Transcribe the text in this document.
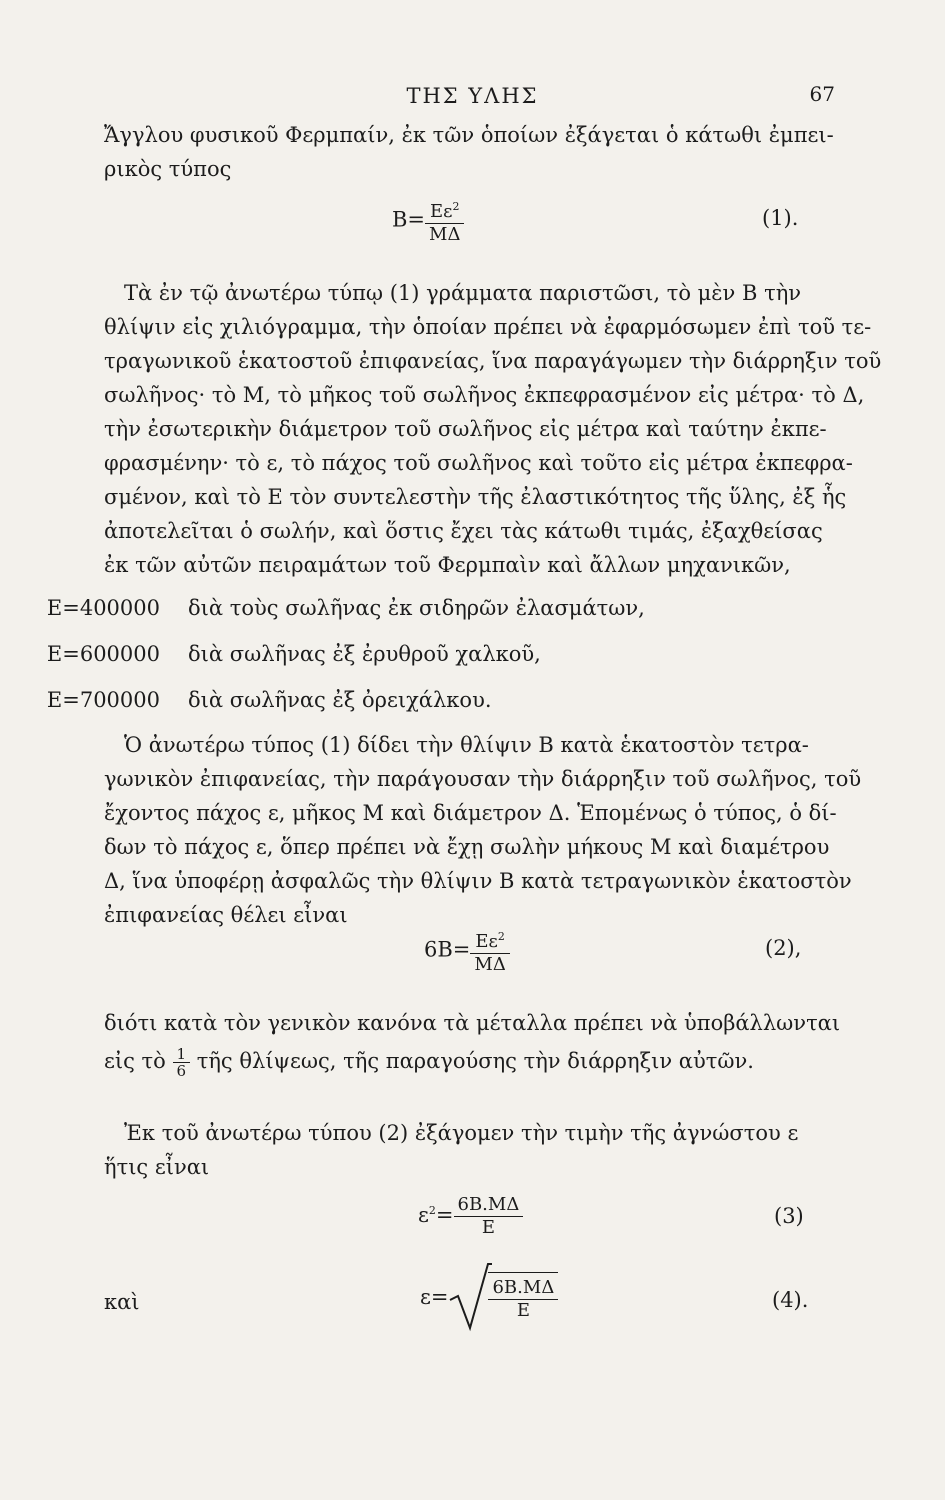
ΤΗΣ ΥΛΗΣ	67
Ἄγγλου φυσικοῦ Φερμπαίν, ἐκ τῶν ὁποίων ἐξάγεται ὁ κάτωθι ἐμπει-
ρικὸς τύπος
$B= \frac{E\varepsilon^2}{M\Delta}$	(1).
Τὰ ἐν τῷ ἀνωτέρω τύπῳ (1) γράμματα παριστῶσι, τὸ μὲν Β τὴν
θλίψιν εἰς χιλιόγραμμα, τὴν ὁποίαν πρέπει νὰ ἐφαρμόσωμεν ἐπὶ τοῦ τε-
τραγωνικοῦ ἑκατοστοῦ ἐπιφανείας, ἵνα παραγάγωμεν τὴν διάρρηξιν τοῦ
σωλῆνος· τὸ Μ, τὸ μῆκος τοῦ σωλῆνος ἐκπεφρασμένον εἰς μέτρα· τὸ Δ,
τὴν ἐσωτερικὴν διάμετρον τοῦ σωλῆνος εἰς μέτρα καὶ ταύτην ἐκπε-
φρασμένην· τὸ ε, τὸ πάχος τοῦ σωλῆνος καὶ τοῦτο εἰς μέτρα ἐκπεφρα-
σμένον, καὶ τὸ Ε τὸν συντελεστὴν τῆς ἐλαστικότητος τῆς ὕλης, ἐξ ἧς
ἀποτελεῖται ὁ σωλήν, καὶ ὅστις ἔχει τὰς κάτωθι τιμάς, ἐξαχθείσας
ἐκ τῶν αὐτῶν πειραμάτων τοῦ Φερμπαὶν καὶ ἄλλων μηχανικῶν,
E=400000 διὰ τοὺς σωλῆνας ἐκ σιδηρῶν ἐλασμάτων,
E=600000 διὰ σωλῆνας ἐξ ἐρυθροῦ χαλκοῦ,
E=700000 διὰ σωλῆνας ἐξ ὀρειχάλκου.
Ὁ ἀνωτέρω τύπος (1) δίδει τὴν θλίψιν Β κατὰ ἑκατοστὸν τετρα-
γωνικὸν ἐπιφανείας, τὴν παράγουσαν τὴν διάρρηξιν τοῦ σωλῆνος, τοῦ
ἔχοντος πάχος ε, μῆκος Μ καὶ διάμετρον Δ. Ἑπομένως ὁ τύπος, ὁ δί-
δων τὸ πάχος ε, ὅπερ πρέπει νὰ ἔχῃ σωλὴν μήκους Μ καὶ διαμέτρου
Δ, ἵνα ὑποφέρῃ ἀσφαλῶς τὴν θλίψιν Β κατὰ τετραγωνικὸν ἑκατοστὸν
ἐπιφανείας θέλει εἶναι
$6B= \frac{E\varepsilon^2}{M\Delta}$	(2),
διότι κατὰ τὸν γενικὸν κανόνα τὰ μέταλλα πρέπει νὰ ὑποβάλλωνται
εἰς τὸ $\frac{1}{6}$ τῆς θλίψεως, τῆς παραγούσης τὴν διάρρηξιν αὐτῶν.
Ἐκ τοῦ ἀνωτέρω τύπου (2) ἐξάγομεν τὴν τιμὴν τῆς ἀγνώστου ε
ἥτις εἶναι
$\varepsilon^2= \frac{6B.M\Delta}{E}$	(3)
καὶ	$\varepsilon= \frac{6B.M\Delta}{E}$	(4).
